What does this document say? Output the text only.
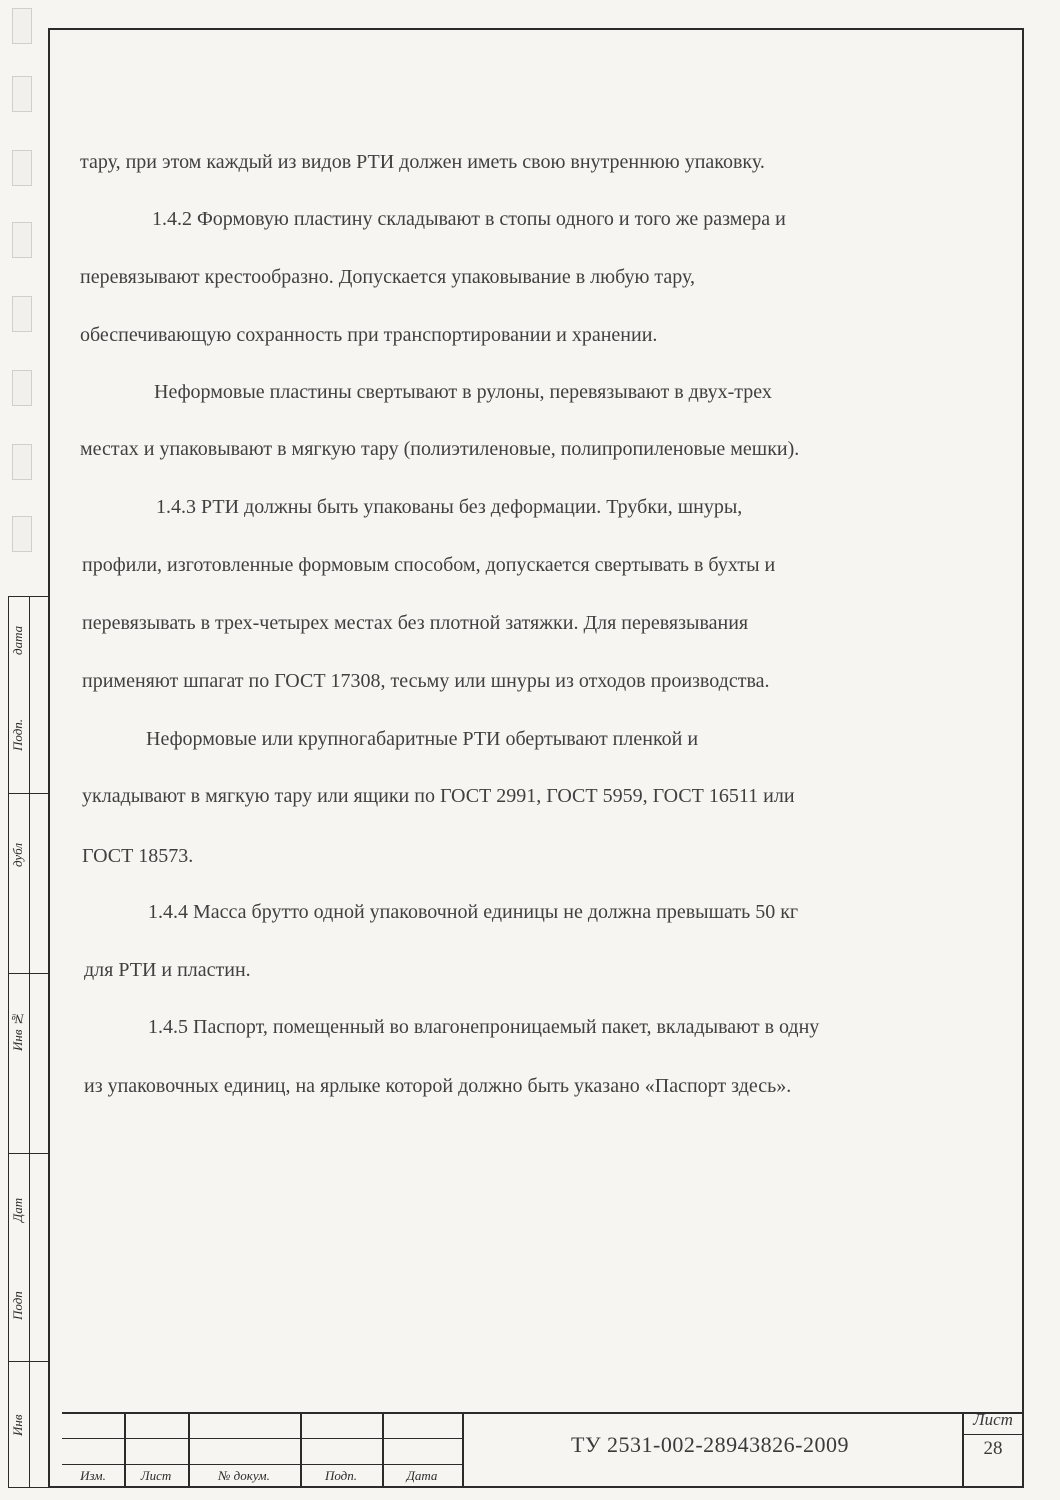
Инв
Подп
Дат
Инв №
дубл
Подп.
дата
тару, при этом каждый из видов РТИ должен иметь свою внутреннюю упаковку.
1.4.2 Формовую пластину складывают в стопы одного и того же размера и
перевязывают крестообразно. Допускается упаковывание в любую тару,
обеспечивающую сохранность при транспортировании и хранении.
Неформовые пластины свертывают в рулоны, перевязывают в двух-трех
местах и упаковывают в мягкую тару (полиэтиленовые, полипропиленовые мешки).
1.4.3 РТИ должны быть упакованы без деформации. Трубки, шнуры,
профили, изготовленные формовым способом, допускается свертывать в бухты и
перевязывать в трех-четырех местах без плотной затяжки. Для перевязывания
применяют шпагат по ГОСТ 17308, тесьму или шнуры из отходов производства.
Неформовые или крупногабаритные РТИ обертывают пленкой и
укладывают в мягкую тару или ящики по ГОСТ 2991, ГОСТ 5959, ГОСТ 16511 или
ГОСТ 18573.
1.4.4 Масса брутто одной упаковочной единицы не должна превышать 50 кг
для РТИ и пластин.
1.4.5 Паспорт, помещенный во влагонепроницаемый пакет, вкладывают в одну
из упаковочных единиц, на ярлыке которой должно быть указано «Паспорт здесь».
Изм.	Лист	№ докум.	Подп.	Дата
ТУ 2531-002-28943826-2009
Лист
28
